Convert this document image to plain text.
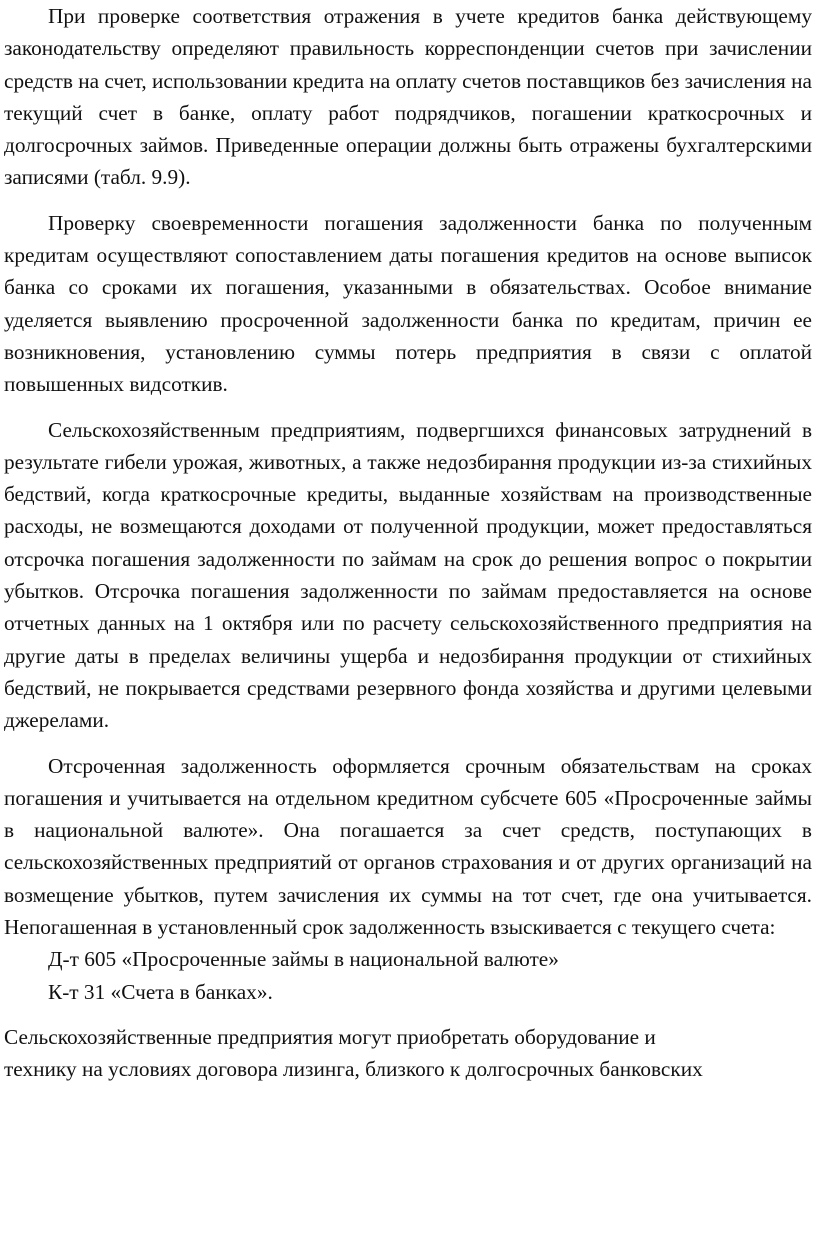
При проверке соответствия отражения в учете кредитов банка действующему законодательству определяют правильность корреспонденции счетов при зачислении средств на счет, использовании кредита на оплату счетов поставщиков без зачисления на текущий счет в банке, оплату работ подрядчиков, погашении краткосрочных и долгосрочных займов. Приведенные операции должны быть отражены бухгалтерскими записями (табл. 9.9).

Проверку своевременности погашения задолженности банка по полученным кредитам осуществляют сопоставлением даты погашения кредитов на основе выписок банка со сроками их погашения, указанными в обязательствах. Особое внимание уделяется выявлению просроченной задолженности банка по кредитам, причин ее возникновения, установлению суммы потерь предприятия в связи с оплатой повышенных видсоткив.

Сельскохозяйственным предприятиям, подвергшихся финансовых затруднений в результате гибели урожая, животных, а также недозбирання продукции из-за стихийных бедствий, когда краткосрочные кредиты, выданные хозяйствам на производственные расходы, не возмещаются доходами от полученной продукции, может предоставляться отсрочка погашения задолженности по займам на срок до решения вопрос о покрытии убытков. Отсрочка погашения задолженности по займам предоставляется на основе отчетных данных на 1 октября или по расчету сельскохозяйственного предприятия на другие даты в пределах величины ущерба и недозбирання продукции от стихийных бедствий, не покрывается средствами резервного фонда хозяйства и другими целевыми джерелами.

Отсроченная задолженность оформляется срочным обязательствам на сроках погашения и учитывается на отдельном кредитном субсчете 605 «Просроченные займы в национальной валюте». Она погашается за счет средств, поступающих в сельскохозяйственных предприятий от органов страхования и от других организаций на возмещение убытков, путем зачисления их суммы на тот счет, где она учитывается. Непогашенная в установленный срок задолженность взыскивается с текущего счета:

Д-т 605 «Просроченные займы в национальной валюте»

К-т 31 «Счета в банках».

Сельскохозяйственные предприятия могут приобретать оборудование и

технику на условиях договора лизинга, близкого к долгосрочных банковских
